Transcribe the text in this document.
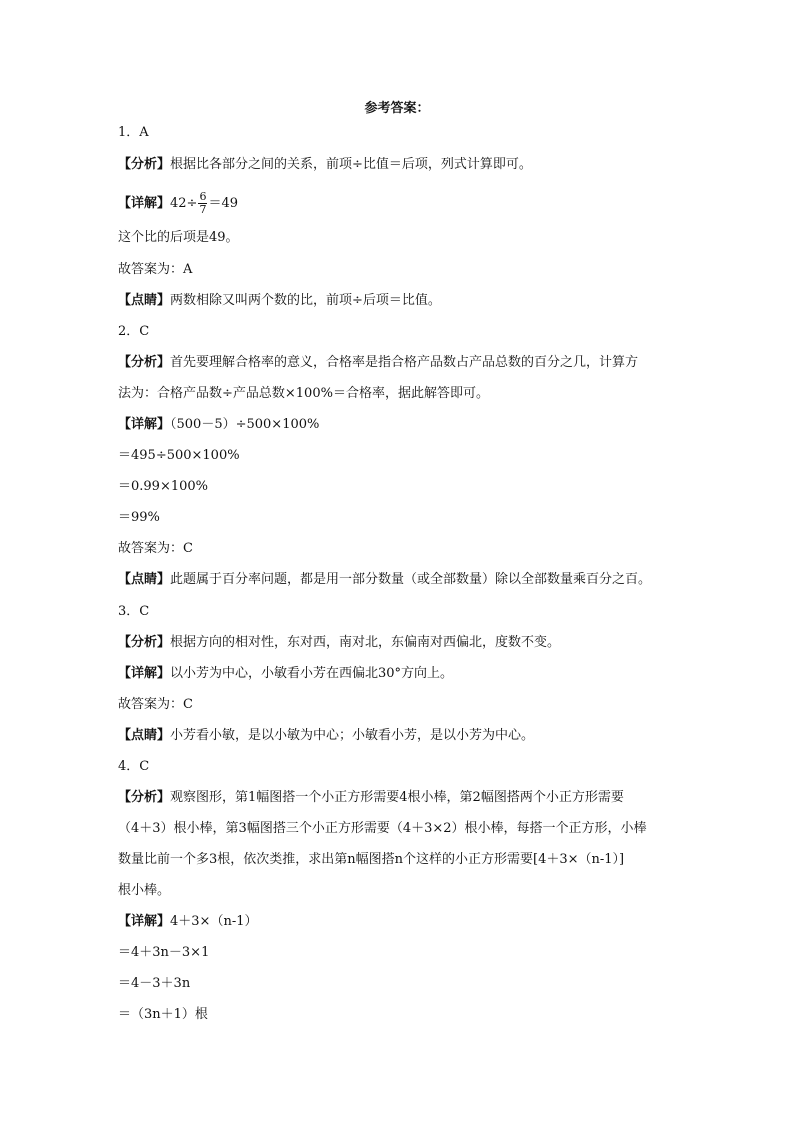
参考答案：
1．A
【分析】根据比各部分之间的关系，前项÷比值＝后项，列式计算即可。
【详解】$42\div \frac{6}{7} =49$
这个比的后项是49。
故答案为：A
【点睛】两数相除又叫两个数的比，前项÷后项＝比值。
2．C
【分析】首先要理解合格率的意义，合格率是指合格产品数占产品总数的百分之几，计算方
法为：合格产品数÷产品总数×100%＝合格率，据此解答即可。
【详解】（500－5）÷500×100%
＝495÷500×100%
＝0.99×100%
＝99%
故答案为：C
【点睛】此题属于百分率问题，都是用一部分数量（或全部数量）除以全部数量乘百分之百。
3．C
【分析】根据方向的相对性，东对西，南对北，东偏南对西偏北，度数不变。
【详解】以小芳为中心，小敏看小芳在西偏北30°方向上。
故答案为：C
【点睛】小芳看小敏，是以小敏为中心；小敏看小芳，是以小芳为中心。
4．C
【分析】观察图形，第1幅图搭一个小正方形需要4根小棒，第2幅图搭两个小正方形需要
（4＋3）根小棒，第3幅图搭三个小正方形需要（4＋3×2）根小棒，每搭一个正方形，小棒
数量比前一个多3根，依次类推，求出第n幅图搭n个这样的小正方形需要[4＋3×（n-1）]
根小棒。
【详解】4＋3×（n-1）
＝4＋3n－3×1
＝4－3＋3n
＝（3n＋1）根
